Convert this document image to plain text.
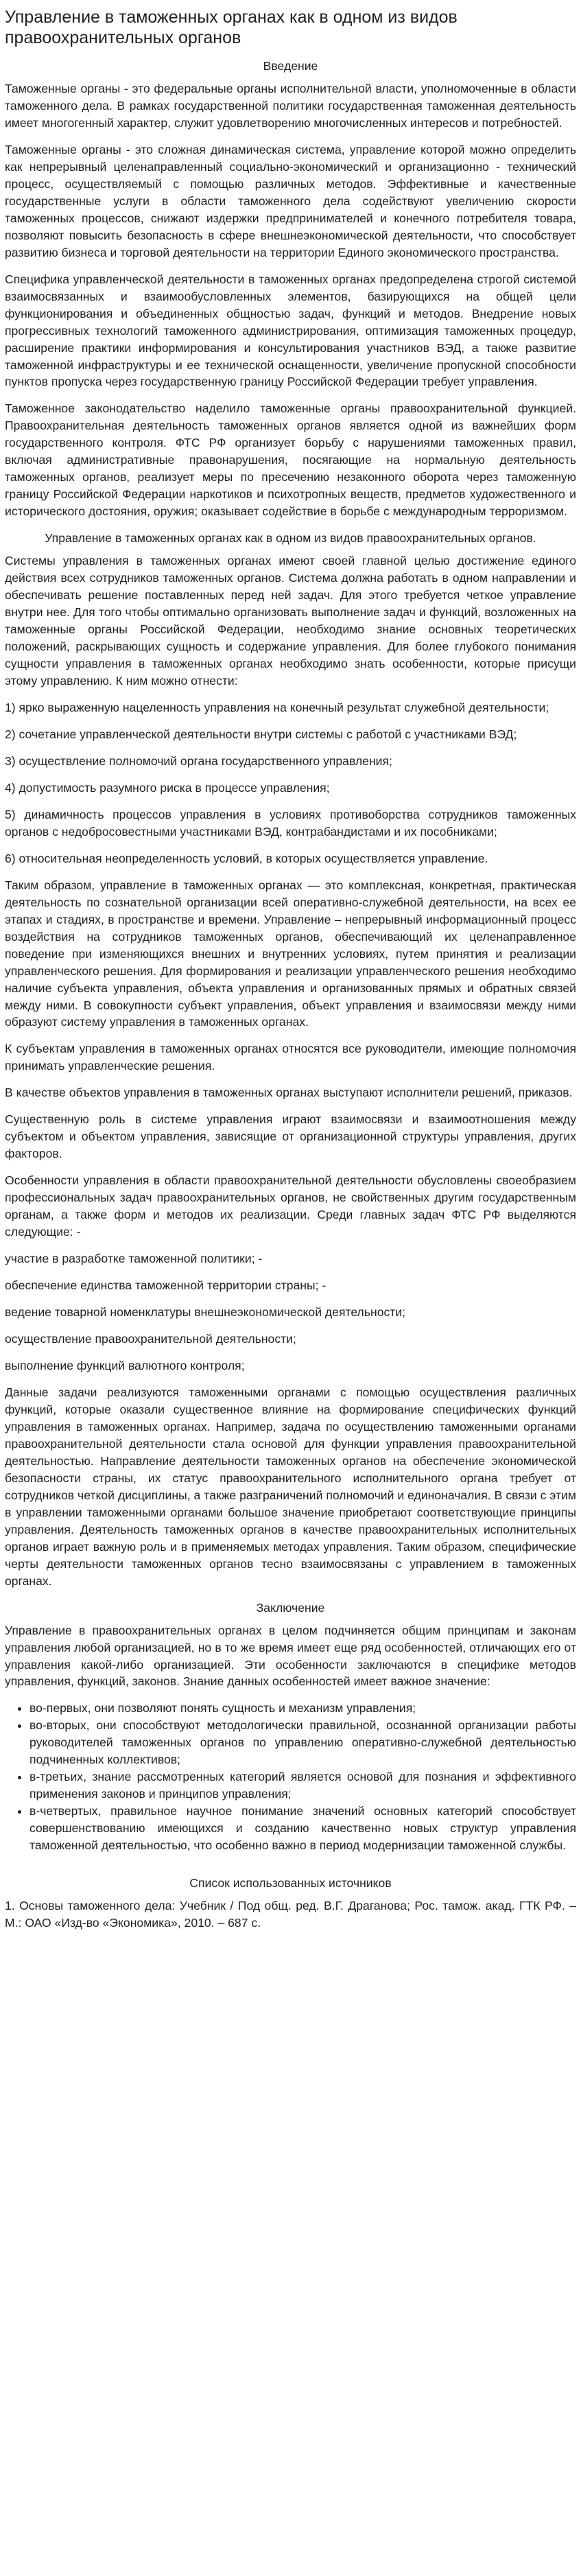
Управление в таможенных органах как в одном из видов правоохранительных органов
Введение

Таможенные органы - это федеральные органы исполнительной власти, уполномоченные в области таможенного дела. В рамках государственной политики государственная таможенная деятельность имеет многогенный характер, служит удовлетворению многочисленных интересов и потребностей.

Таможенные органы - это сложная динамическая система, управление которой можно определить как непрерывный целенаправленный социально-экономический и организационно - технический процесс, осуществляемый с помощью различных методов. Эффективные и качественные государственные услуги в области таможенного дела содействуют увеличению скорости таможенных процессов, снижают издержки предпринимателей и конечного потребителя товара, позволяют повысить безопасность в сфере внешнеэкономической деятельности, что способствует развитию бизнеса и торговой деятельности на территории Единого экономического пространства.

Специфика управленческой деятельности в таможенных органах предопределена строгой системой взаимосвязанных и взаимообусловленных элементов, базирующихся на общей цели функционирования и объединенных общностью задач, функций и методов. Внедрение новых прогрессивных технологий таможенного администрирования, оптимизация таможенных процедур, расширение практики информирования и консультирования участников ВЭД, а также развитие таможенной инфраструктуры и ее технической оснащенности, увеличение пропускной способности пунктов пропуска через государственную границу Российской Федерации требует управления.

Таможенное законодательство наделило таможенные органы правоохранительной функцией. Правоохранительная деятельность таможенных органов является одной из важнейших форм государственного контроля. ФТС РФ организует борьбу с нарушениями таможенных правил, включая административные правонарушения, посягающие на нормальную деятельность таможенных органов, реализует меры по пресечению незаконного оборота через таможенную границу Российской Федерации наркотиков и психотропных веществ, предметов художественного и исторического достояния, оружия; оказывает содействие в борьбе с международным терроризмом.

Управление в таможенных органах как в одном из видов правоохранительных органов.

Системы управления в таможенных органах имеют своей главной целью достижение единого действия всех сотрудников таможенных органов. Система должна работать в одном направлении и обеспечивать решение поставленных перед ней задач. Для этого требуется четкое управление внутри нее. Для того чтобы оптимально организовать выполнение задач и функций, возложенных на таможенные органы Российской Федерации, необходимо знание основных теоретических положений, раскрывающих сущность и содержание управления. Для более глубокого понимания сущности управления в таможенных органах необходимо знать особенности, которые присущи этому управлению. К ним можно отнести:

1) ярко выраженную нацеленность управления на конечный результат служебной деятельности;

2) сочетание управленческой деятельности внутри системы с работой с участниками ВЭД;

3) осуществление полномочий органа государственного управления;

4) допустимость разумного риска в процессе управления;

5) динамичность процессов управления в условиях противоборства сотрудников таможенных органов с недобросовестными участниками ВЭД, контрабандистами и их пособниками;

6) относительная неопределенность условий, в которых осуществляется управление.

Таким образом, управление в таможенных органах — это комплексная, конкретная, практическая деятельность по сознательной организации всей оперативно-служебной деятельности, на всех ее этапах и стадиях, в пространстве и времени. Управление – непрерывный информационный процесс воздействия на сотрудников таможенных органов, обеспечивающий их целенаправленное поведение при изменяющихся внешних и внутренних условиях, путем принятия и реализации управленческого решения. Для формирования и реализации управленческого решения необходимо наличие субъекта управления, объекта управления и организованных прямых и обратных связей между ними. В совокупности субъект управления, объект управления и взаимосвязи между ними образуют систему управления в таможенных органах.

К субъектам управления в таможенных органах относятся все руководители, имеющие полномочия принимать управленческие решения.

В качестве объектов управления в таможенных органах выступают исполнители решений, приказов.

Существенную роль в системе управления играют взаимосвязи и взаимоотношения между субъектом и объектом управления, зависящие от организационной структуры управления, других факторов.

Особенности управления в области правоохранительной деятельности обусловлены своеобразием профессиональных задач правоохранительных органов, не свойственных другим государственным органам, а также форм и методов их реализации. Среди главных задач ФТС РФ выделяются следующие: -

участие в разработке таможенной политики; -

обеспечение единства таможенной территории страны; -

ведение товарной номенклатуры внешнеэкономической деятельности;

осуществление правоохранительной деятельности;

выполнение функций валютного контроля;

Данные задачи реализуются таможенными органами с помощью осуществления различных функций, которые оказали существенное влияние на формирование специфических функций управления в таможенных органах. Например, задача по осуществлению таможенными органами правоохранительной деятельности стала основой для функции управления правоохранительной деятельностью. Направление деятельности таможенных органов на обеспечение экономической безопасности страны, их статус правоохранительного исполнительного органа требует от сотрудников четкой дисциплины, а также разграничений полномочий и единоначалия. В связи с этим в управлении таможенными органами большое значение приобретают соответствующие принципы управления. Деятельность таможенных органов в качестве правоохранительных исполнительных органов играет важную роль и в применяемых методах управления. Таким образом, специфические черты деятельности таможенных органов тесно взаимосвязаны с управлением в таможенных органах.

Заключение

Управление в правоохранительных органах в целом подчиняется общим принципам и законам управления любой организацией, но в то же время имеет еще ряд особенностей, отличающих его от управления какой-либо организацией. Эти особенности заключаются в специфике методов управления, функций, законов. Знание данных особенностей имеет важное значение:

• во-первых, они позволяют понять сущность и механизм управления;
• во-вторых, они способствуют методологически правильной, осознанной организации работы руководителей таможенных органов по управлению оперативно-служебной деятельностью подчиненных коллективов;
• в-третьих, знание рассмотренных категорий является основой для познания и эффективного применения законов и принципов управления;
• в-четвертых, правильное научное понимание значений основных категорий способствует совершенствованию имеющихся и созданию качественно новых структур управления таможенной деятельностью, что особенно важно в период модернизации таможенной службы.
Список использованных источников

1. Основы таможенного дела: Учебник / Под общ. ред. В.Г. Драганова; Рос. тамож. акад. ГТК РФ. – М.: ОАО «Изд-во «Экономика», 2010. – 687 с.
